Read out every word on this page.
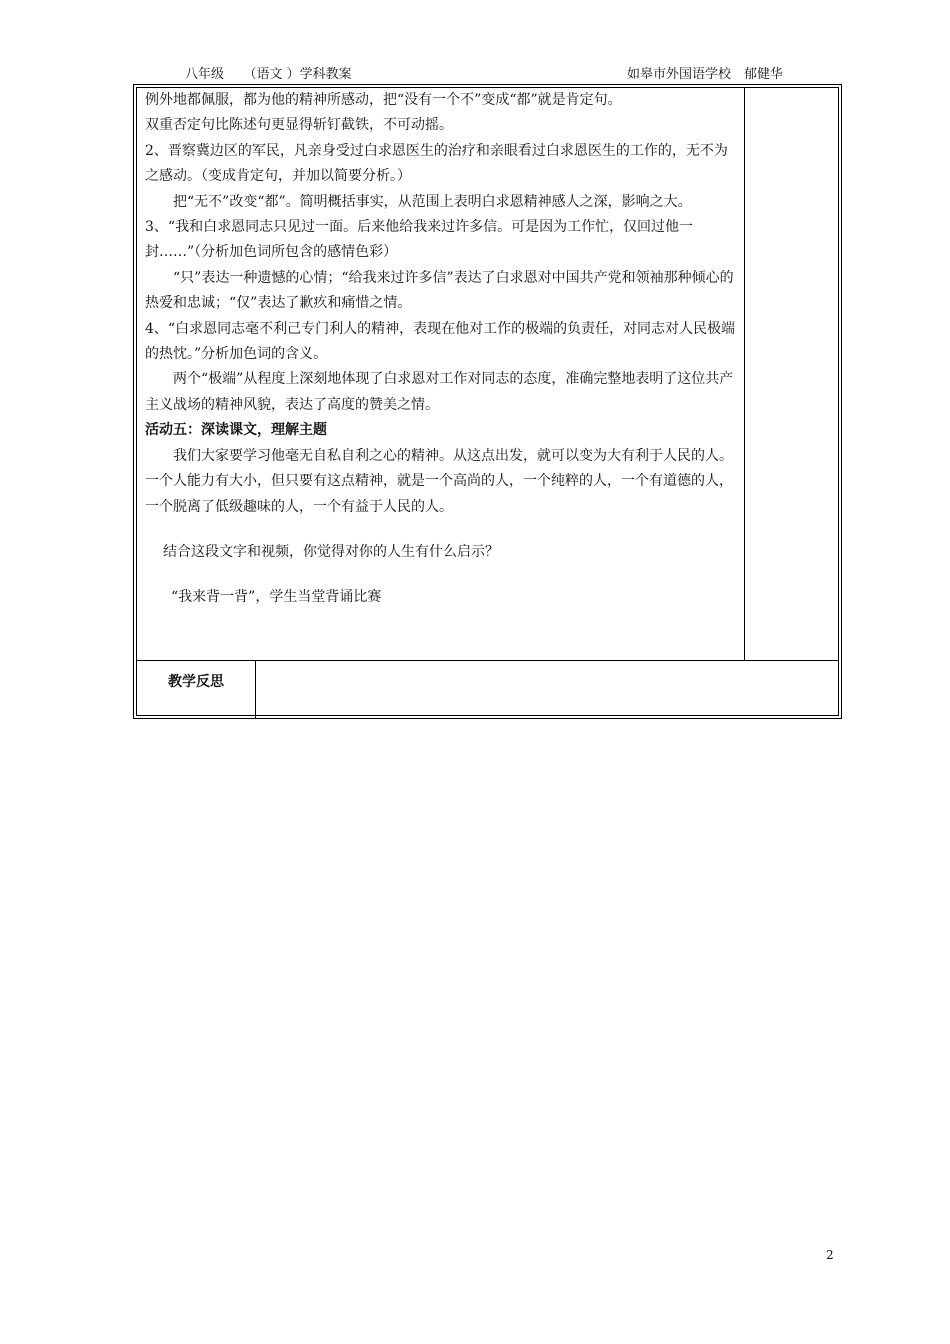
八年级　　（语文 ）学科教案	如皋市外国语学校　郁健华

例外地都佩服，都为他的精神所感动，把“没有一个不”变成“都”就是肯定句。

双重否定句比陈述句更显得斩钉截铁，不可动摇。

2、晋察冀边区的军民，凡亲身受过白求恩医生的治疗和亲眼看过白求恩医生的工作的，无不为之感动。（变成肯定句，并加以简要分析。）

把“无不”改变“都”。简明概括事实，从范围上表明白求恩精神感人之深，影响之大。

3、“我和白求恩同志只见过一面。后来他给我来过许多信。可是因为工作忙，仅回过他一封……”（分析加色词所包含的感情色彩）

“只”表达一种遗憾的心情；“给我来过许多信”表达了白求恩对中国共产党和领袖那种倾心的热爱和忠诚；“仅”表达了歉疚和痛惜之情。

4、“白求恩同志毫不利己专门利人的精神，表现在他对工作的极端的负责任，对同志对人民极端的热忱。”分析加色词的含义。

两个“极端”从程度上深刻地体现了白求恩对工作对同志的态度，准确完整地表明了这位共产主义战场的精神风貌，表达了高度的赞美之情。

活动五：深读课文，理解主题

我们大家要学习他毫无自私自利之心的精神。从这点出发，就可以变为大有利于人民的人。一个人能力有大小，但只要有这点精神，就是一个高尚的人，一个纯粹的人，一个有道德的人，一个脱离了低级趣味的人，一个有益于人民的人。

结合这段文字和视频，你觉得对你的人生有什么启示？

“我来背一背”，学生当堂背诵比赛

教学反思
2
